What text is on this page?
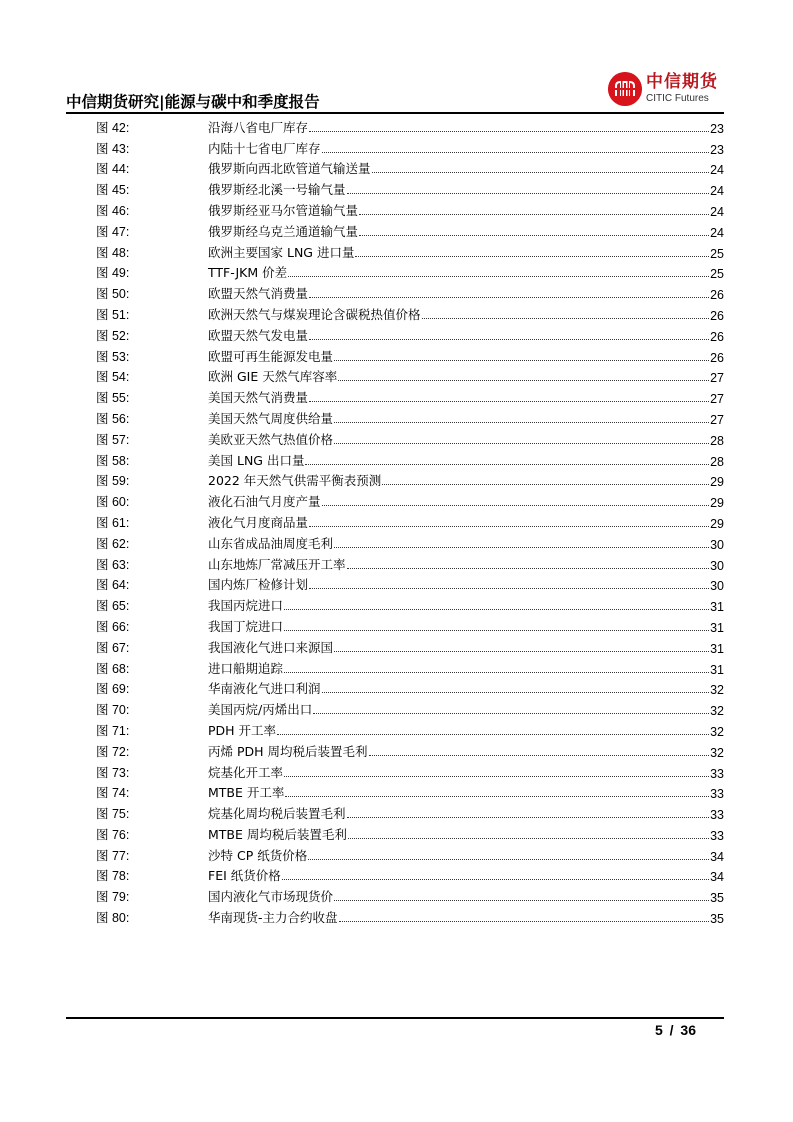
中信期货研究|能源与碳中和季度报告
中信期货
CITIC Futures
图 42:	沿海八省电厂库存	23
图 43:	内陆十七省电厂库存	23
图 44:	俄罗斯向西北欧管道气输送量	24
图 45:	俄罗斯经北溪一号输气量	24
图 46:	俄罗斯经亚马尔管道输气量	24
图 47:	俄罗斯经乌克兰通道输气量	24
图 48:	欧洲主要国家 LNG 进口量	25
图 49:	TTF-JKM 价差	25
图 50:	欧盟天然气消费量	26
图 51:	欧洲天然气与煤炭理论含碳税热值价格	26
图 52:	欧盟天然气发电量	26
图 53:	欧盟可再生能源发电量	26
图 54:	欧洲 GIE 天然气库容率	27
图 55:	美国天然气消费量	27
图 56:	美国天然气周度供给量	27
图 57:	美欧亚天然气热值价格	28
图 58:	美国 LNG 出口量	28
图 59:	2022 年天然气供需平衡表预测	29
图 60:	液化石油气月度产量	29
图 61:	液化气月度商品量	29
图 62:	山东省成品油周度毛利	30
图 63:	山东地炼厂常减压开工率	30
图 64:	国内炼厂检修计划	30
图 65:	我国丙烷进口	31
图 66:	我国丁烷进口	31
图 67:	我国液化气进口来源国	31
图 68:	进口船期追踪	31
图 69:	华南液化气进口利润	32
图 70:	美国丙烷/丙烯出口	32
图 71:	PDH 开工率	32
图 72:	丙烯 PDH 周均税后装置毛利	32
图 73:	烷基化开工率	33
图 74:	MTBE 开工率	33
图 75:	烷基化周均税后装置毛利	33
图 76:	MTBE 周均税后装置毛利	33
图 77:	沙特 CP 纸货价格	34
图 78:	FEI 纸货价格	34
图 79:	国内液化气市场现货价	35
图 80:	华南现货-主力合约收盘	35
5 / 36
